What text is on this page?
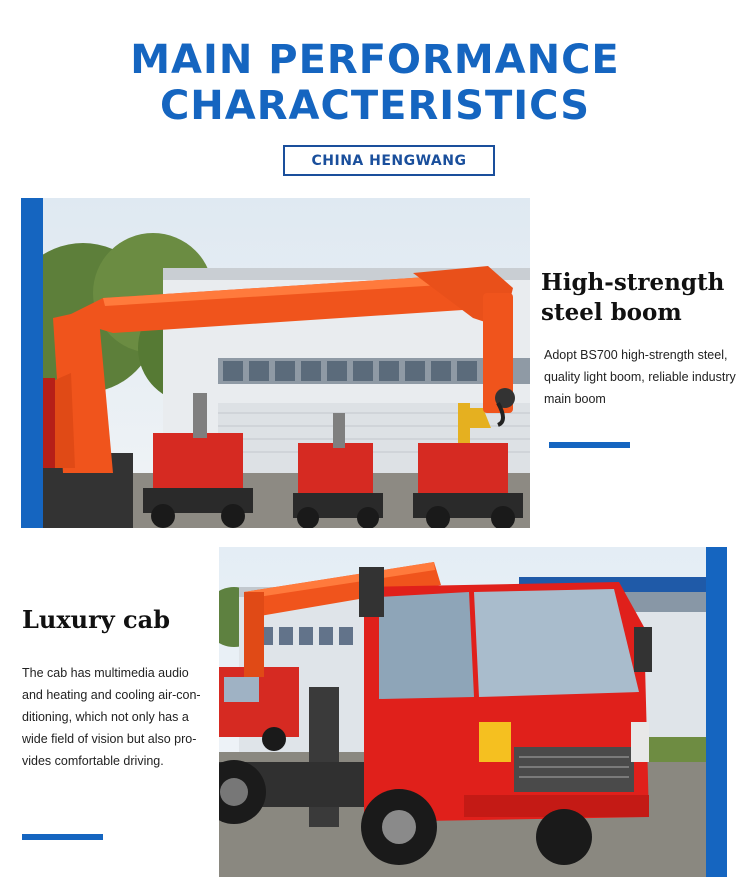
MAIN PERFORMANCE
CHARACTERISTICS
CHINA HENGWANG
High-strength
steel boom
Adopt BS700 high-strength steel,
quality light boom, reliable industry
main boom
Luxury cab
The cab has multimedia audio
and heating and cooling air-con-
ditioning, which not only has a
wide field of vision but also pro-
vides comfortable driving.
